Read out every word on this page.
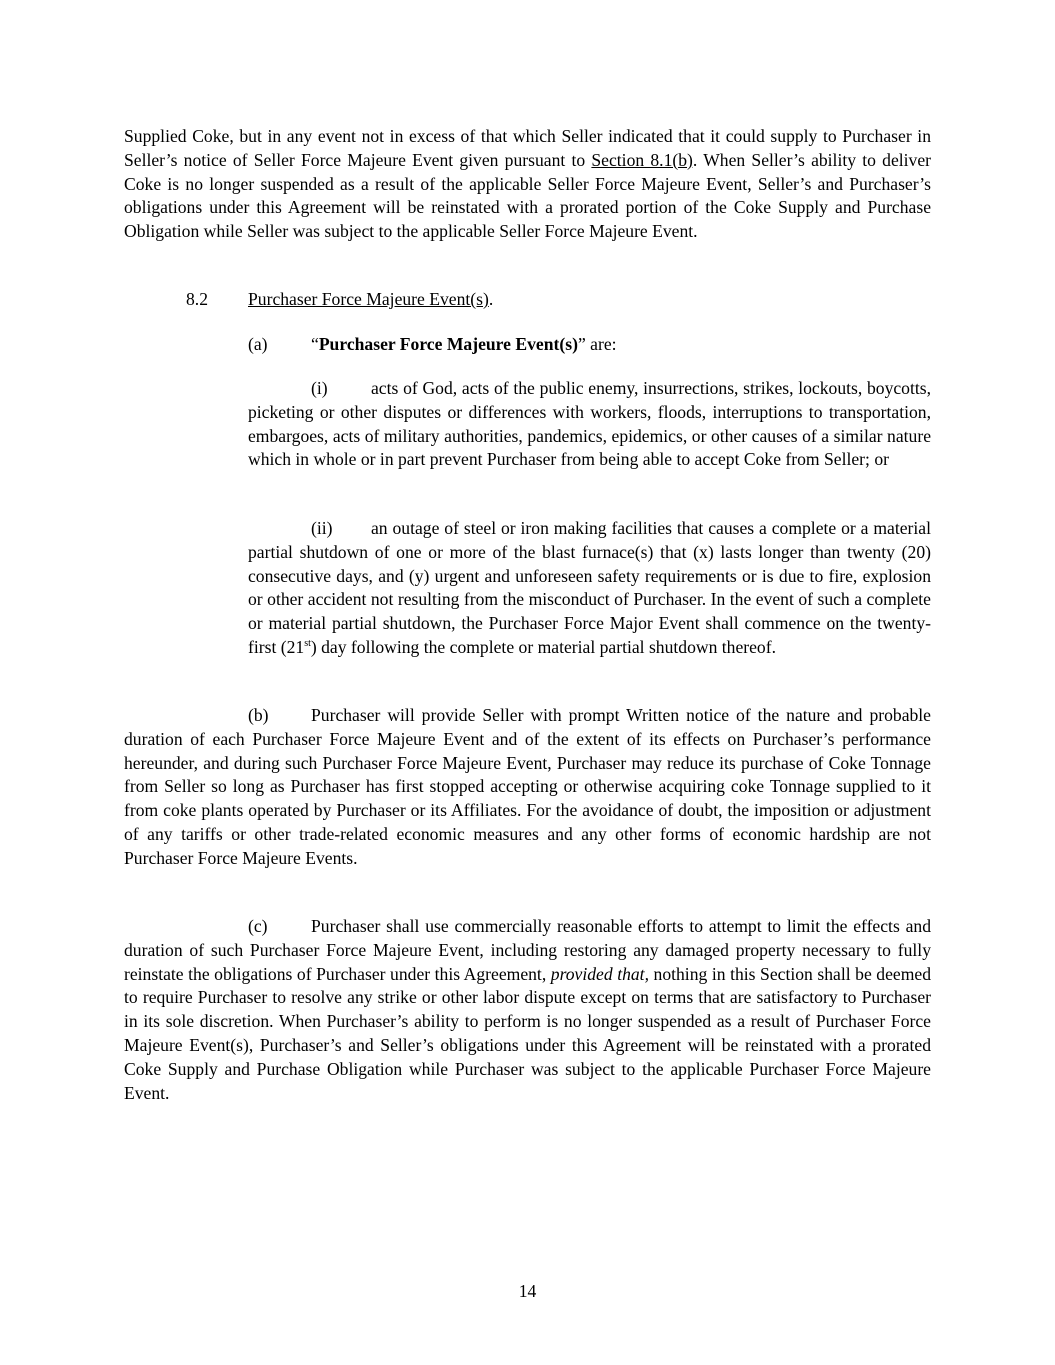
Supplied Coke, but in any event not in excess of that which Seller indicated that it could supply to Purchaser in Seller’s notice of Seller Force Majeure Event given pursuant to Section 8.1(b). When Seller’s ability to deliver Coke is no longer suspended as a result of the applicable Seller Force Majeure Event, Seller’s and Purchaser’s obligations under this Agreement will be reinstated with a prorated portion of the Coke Supply and Purchase Obligation while Seller was subject to the applicable Seller Force Majeure Event.
8.2 Purchaser Force Majeure Event(s).
(a) “Purchaser Force Majeure Event(s)” are:
(i) acts of God, acts of the public enemy, insurrections, strikes, lockouts, boycotts, picketing or other disputes or differences with workers, floods, interruptions to transportation, embargoes, acts of military authorities, pandemics, epidemics, or other causes of a similar nature which in whole or in part prevent Purchaser from being able to accept Coke from Seller; or
(ii) an outage of steel or iron making facilities that causes a complete or a material partial shutdown of one or more of the blast furnace(s) that (x) lasts longer than twenty (20) consecutive days, and (y) urgent and unforeseen safety requirements or is due to fire, explosion or other accident not resulting from the misconduct of Purchaser. In the event of such a complete or material partial shutdown, the Purchaser Force Major Event shall commence on the twenty-first (21st) day following the complete or material partial shutdown thereof.
(b) Purchaser will provide Seller with prompt Written notice of the nature and probable duration of each Purchaser Force Majeure Event and of the extent of its effects on Purchaser’s performance hereunder, and during such Purchaser Force Majeure Event, Purchaser may reduce its purchase of Coke Tonnage from Seller so long as Purchaser has first stopped accepting or otherwise acquiring coke Tonnage supplied to it from coke plants operated by Purchaser or its Affiliates. For the avoidance of doubt, the imposition or adjustment of any tariffs or other trade-related economic measures and any other forms of economic hardship are not Purchaser Force Majeure Events.
(c) Purchaser shall use commercially reasonable efforts to attempt to limit the effects and duration of such Purchaser Force Majeure Event, including restoring any damaged property necessary to fully reinstate the obligations of Purchaser under this Agreement, provided that, nothing in this Section shall be deemed to require Purchaser to resolve any strike or other labor dispute except on terms that are satisfactory to Purchaser in its sole discretion. When Purchaser’s ability to perform is no longer suspended as a result of Purchaser Force Majeure Event(s), Purchaser’s and Seller’s obligations under this Agreement will be reinstated with a prorated Coke Supply and Purchase Obligation while Purchaser was subject to the applicable Purchaser Force Majeure Event.
14
